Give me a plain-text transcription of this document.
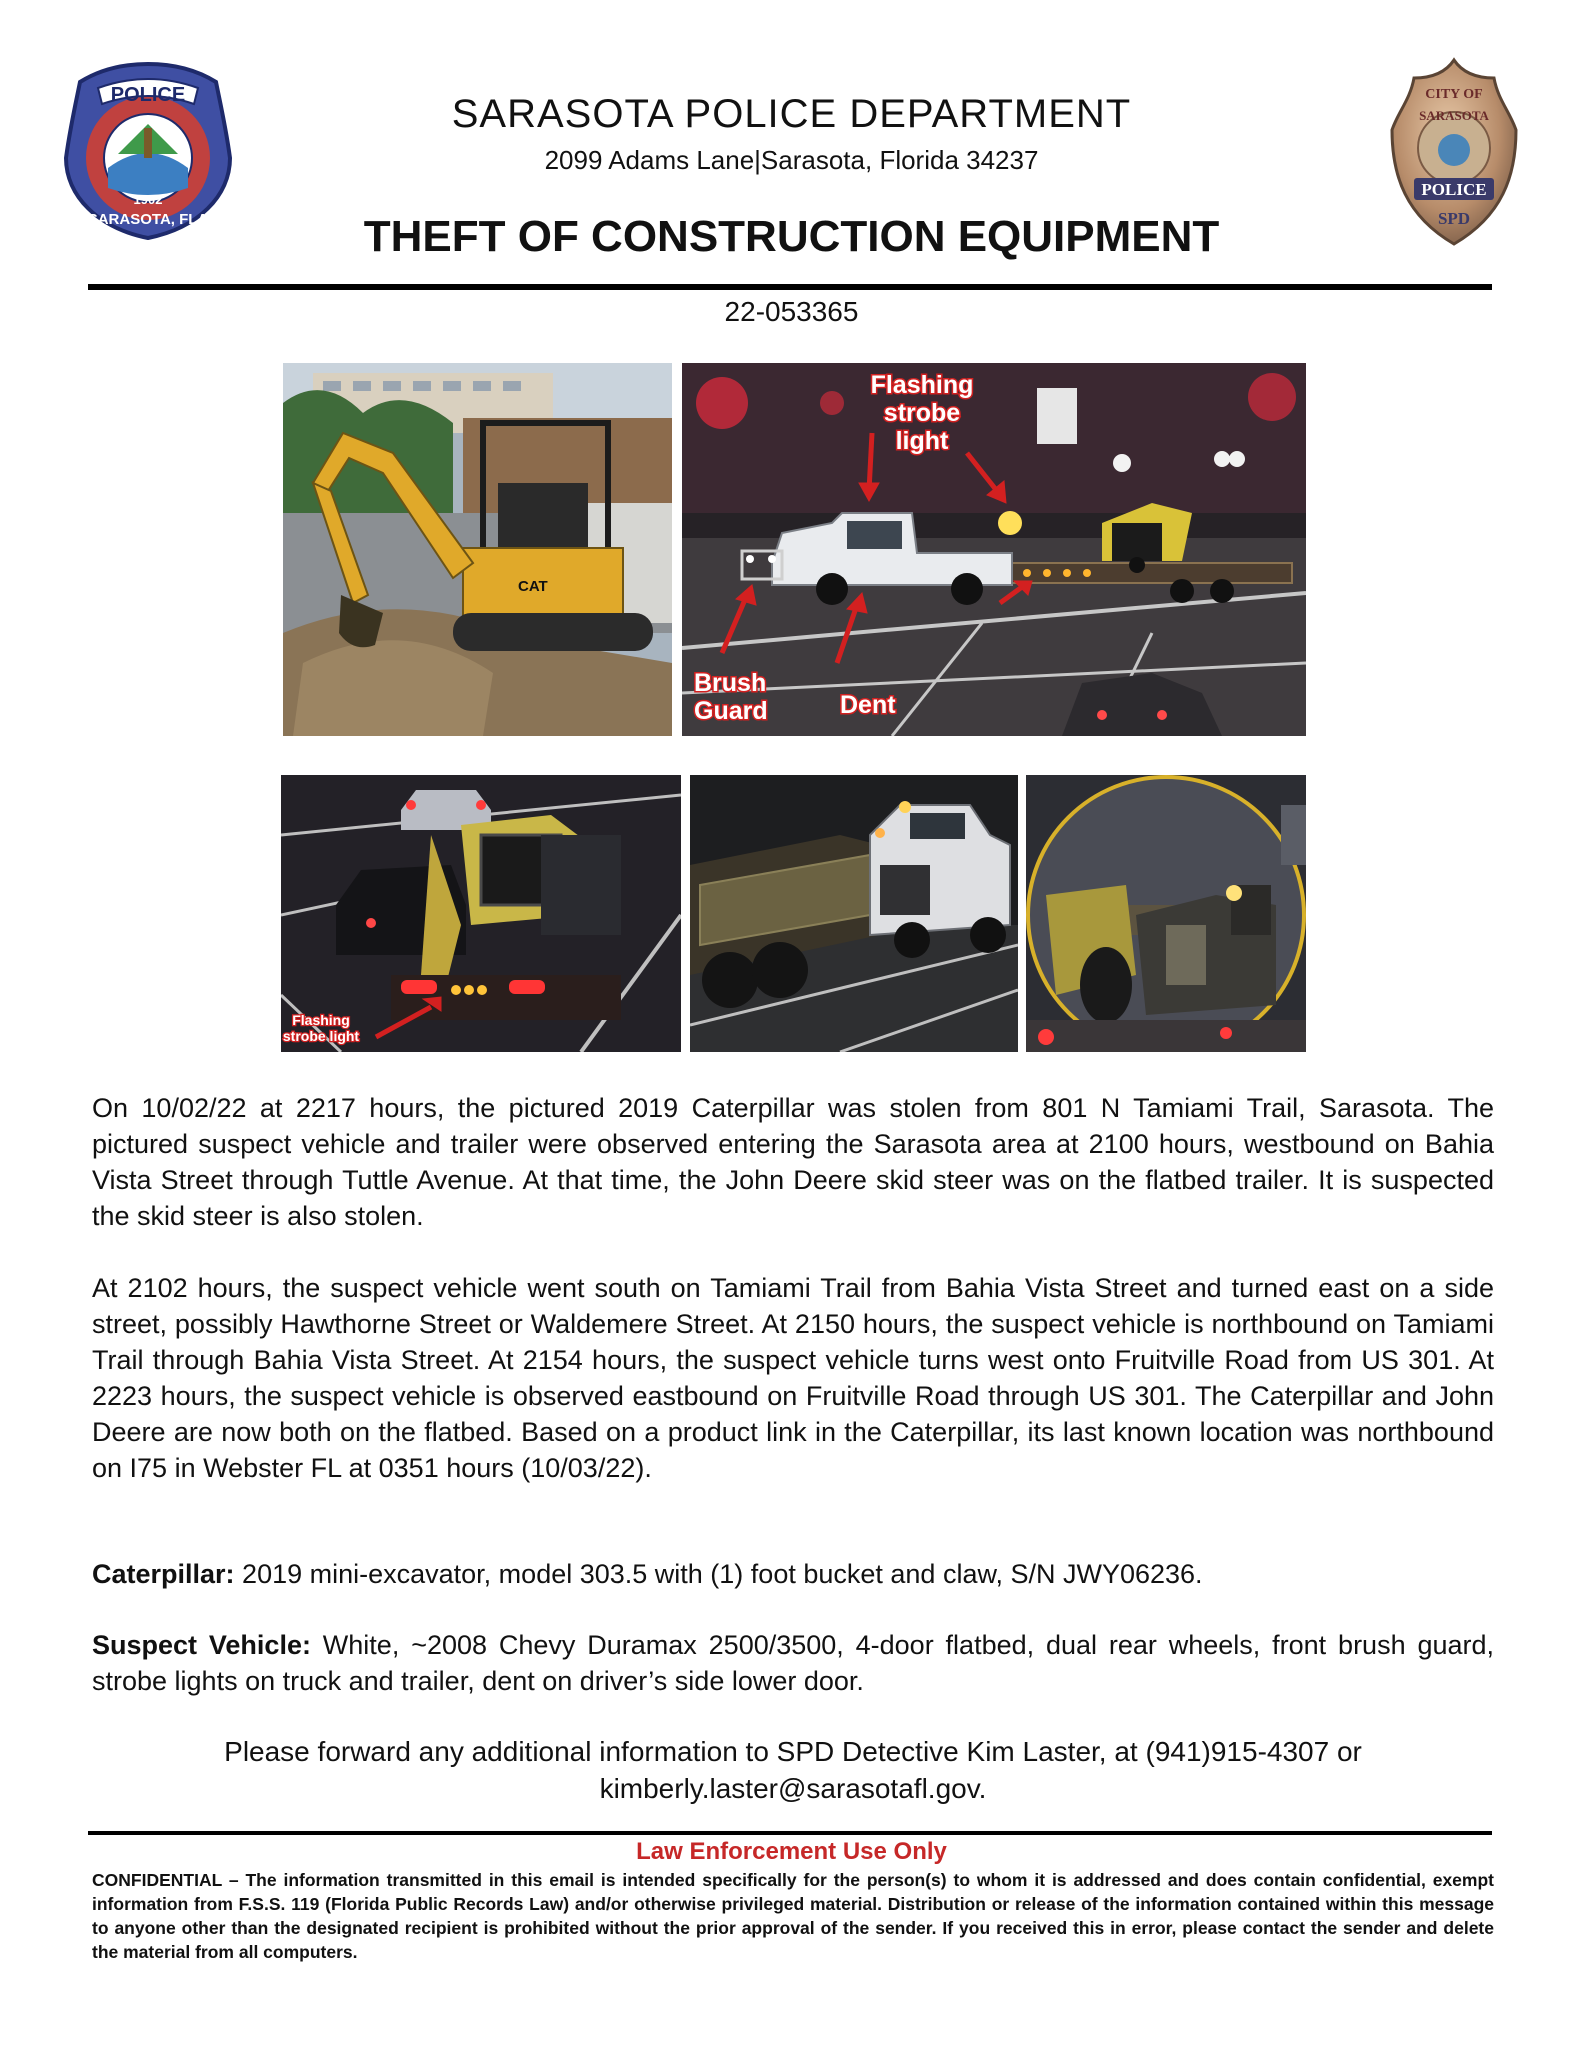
POLICE
1902
SARASOTA, FLA
SARASOTA POLICE DEPARTMENT
2099 Adams Lane|Sarasota, Florida 34237
CITY OF
SARASOTA
POLICE
SPD
THEFT OF CONSTRUCTION EQUIPMENT
22-053365
CAT
Flashing
strobe
light
Brush
Guard	Dent
Flashing
strobe light
On 10/02/22 at 2217 hours, the pictured 2019 Caterpillar was stolen from 801 N Tamiami Trail, Sarasota. The pictured suspect vehicle and trailer were observed entering the Sarasota area at 2100 hours, westbound on Bahia Vista Street through Tuttle Avenue. At that time, the John Deere skid steer was on the flatbed trailer. It is suspected the skid steer is also stolen.
At 2102 hours, the suspect vehicle went south on Tamiami Trail from Bahia Vista Street and turned east on a side street, possibly Hawthorne Street or Waldemere Street. At 2150 hours, the suspect vehicle is northbound on Tamiami Trail through Bahia Vista Street. At 2154 hours, the suspect vehicle turns west onto Fruitville Road from US 301. At 2223 hours, the suspect vehicle is observed eastbound on Fruitville Road through US 301. The Caterpillar and John Deere are now both on the flatbed. Based on a product link in the Caterpillar, its last known location was northbound on I75 in Webster FL at 0351 hours (10/03/22).
Caterpillar: 2019 mini-excavator, model 303.5 with (1) foot bucket and claw, S/N JWY06236.
Suspect Vehicle: White, ~2008 Chevy Duramax 2500/3500, 4-door flatbed, dual rear wheels, front brush guard, strobe lights on truck and trailer, dent on driver’s side lower door.
Please forward any additional information to SPD Detective Kim Laster, at (941)915-4307 or
kimberly.laster@sarasotafl.gov.
Law Enforcement Use Only
CONFIDENTIAL – The information transmitted in this email is intended specifically for the person(s) to whom it is addressed and does contain confidential, exempt information from F.S.S. 119 (Florida Public Records Law) and/or otherwise privileged material. Distribution or release of the information contained within this message to anyone other than the designated recipient is prohibited without the prior approval of the sender. If you received this in error, please contact the sender and delete the material from all computers.
